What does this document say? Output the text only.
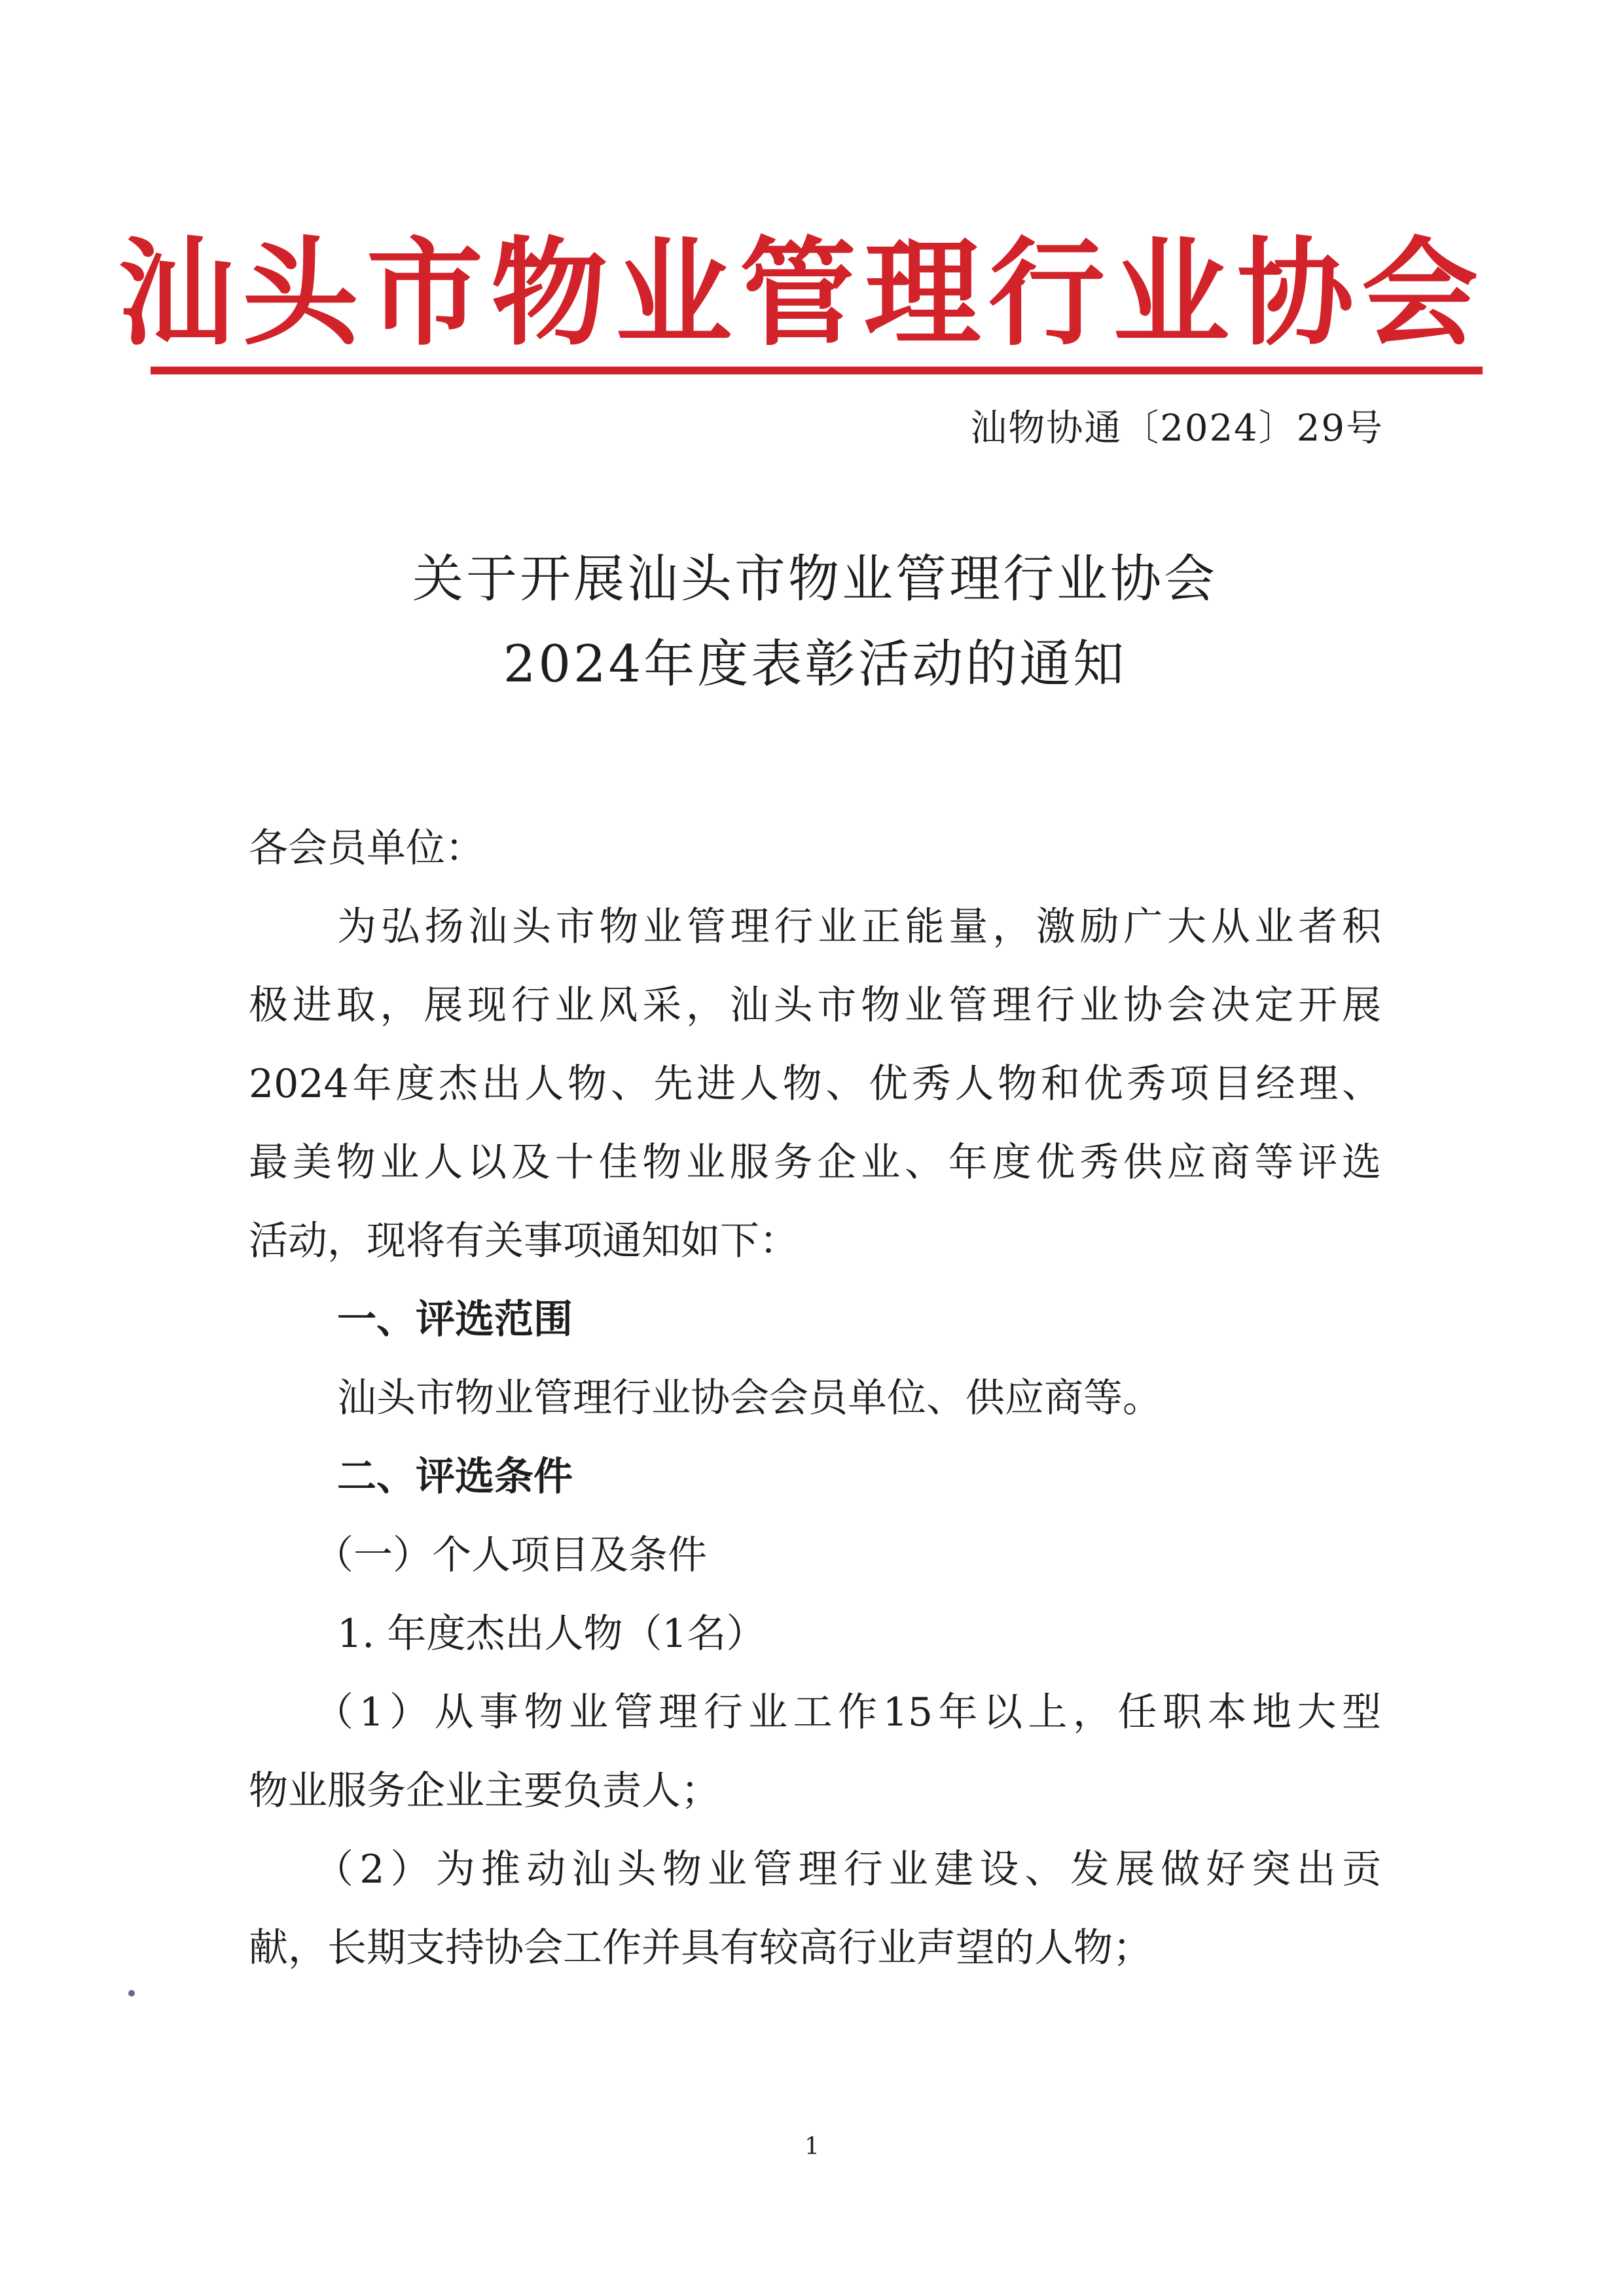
汕头市物业管理行业协会
汕物协通〔2024〕29号
关于开展汕头市物业管理行业协会
2024年度表彰活动的通知
各会员单位：
为弘扬汕头市物业管理行业正能量，激励广大从业者积
极进取，展现行业风采，汕头市物业管理行业协会决定开展
2024年度杰出人物、先进人物、优秀人物和优秀项目经理、
最美物业人以及十佳物业服务企业、年度优秀供应商等评选
活动，现将有关事项通知如下：
一、评选范围
汕头市物业管理行业协会会员单位、供应商等。
二、评选条件
（一）个人项目及条件
1. 年度杰出人物（1名）
（1）从事物业管理行业工作15年以上，任职本地大型
物业服务企业主要负责人；
（2）为推动汕头物业管理行业建设、发展做好突出贡
献，长期支持协会工作并具有较高行业声望的人物；
1
